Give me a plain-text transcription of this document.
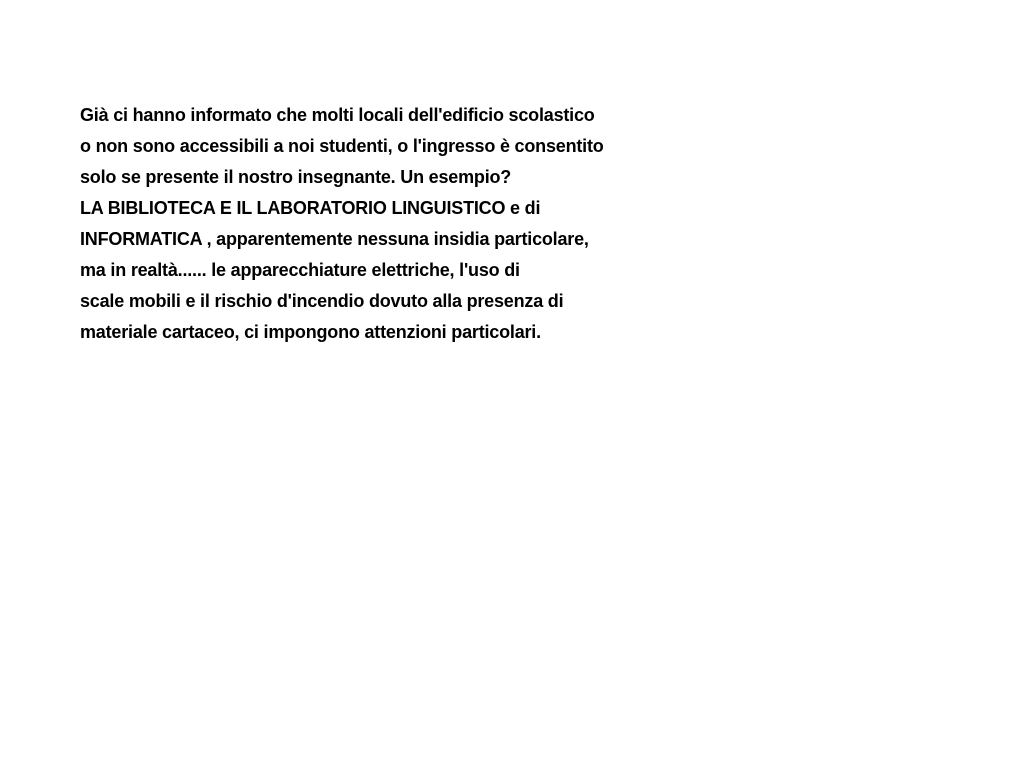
Già ci hanno informato che molti locali dell'edificio scolastico
o non sono accessibili a noi studenti, o l'ingresso è consentito
solo se presente il nostro insegnante. Un esempio?
LA BIBLIOTECA E IL LABORATORIO LINGUISTICO e di
INFORMATICA , apparentemente nessuna insidia particolare,
ma in realtà...... le apparecchiature elettriche, l'uso di
scale mobili e il rischio d'incendio dovuto alla presenza di
materiale cartaceo, ci impongono attenzioni particolari.
